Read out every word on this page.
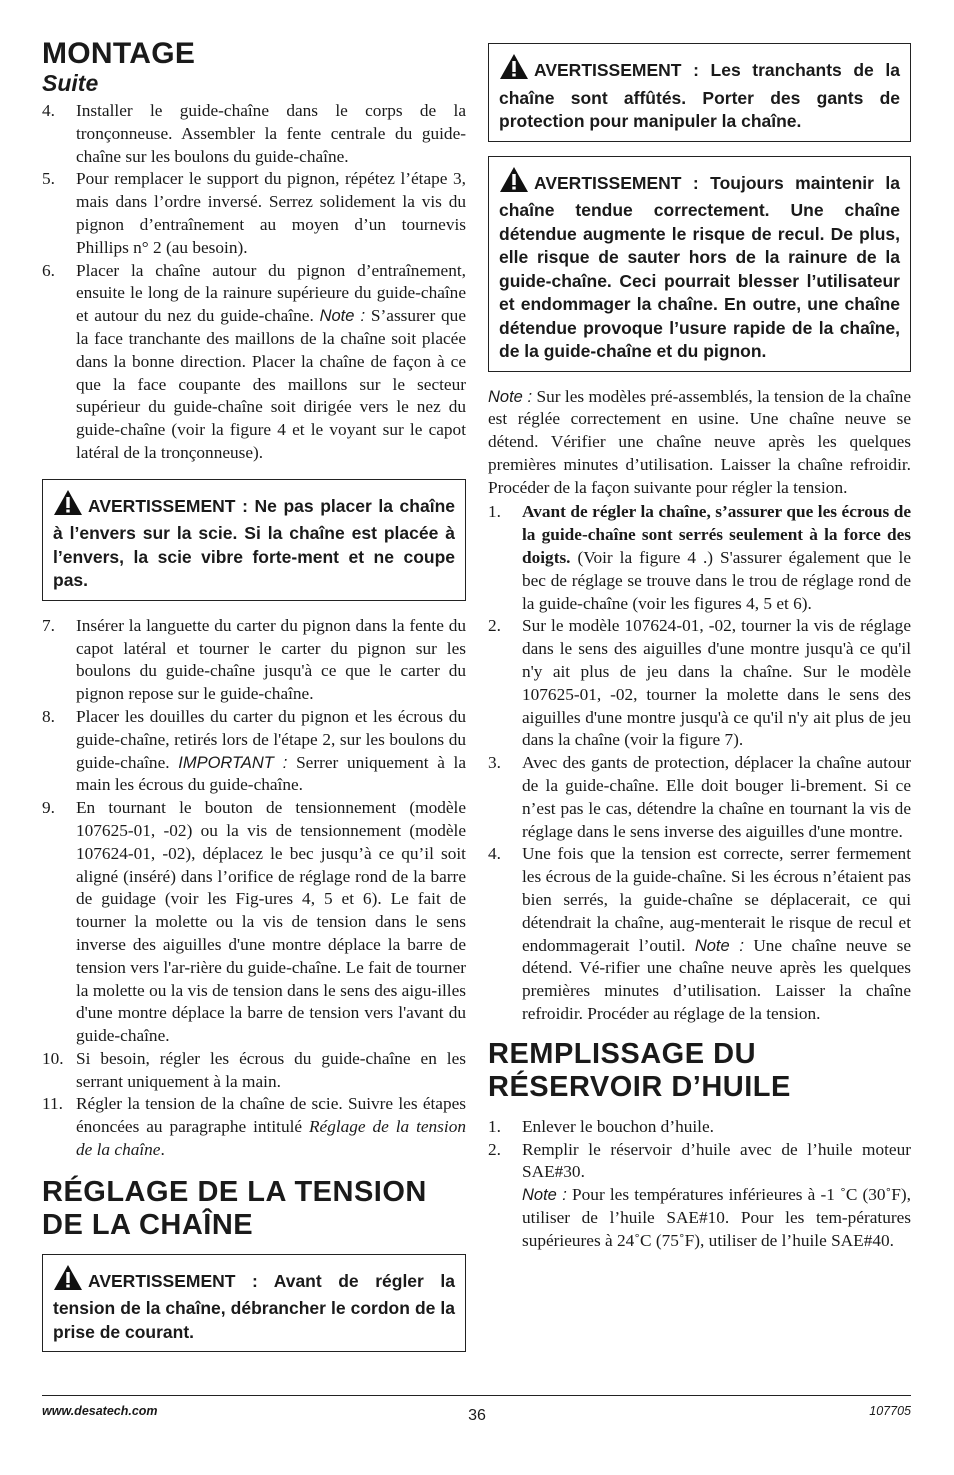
MONTAGE
Suite
4. Installer le guide-chaîne dans le corps de la tronçonneuse. Assembler la fente centrale du guide-chaîne sur les boulons du guide-chaîne.
5. Pour remplacer le support du pignon, répétez l’étape 3, mais dans l’ordre inversé. Serrez solidement la vis du pignon d’entraînement au moyen d’un tournevis Phillips n° 2 (au besoin).
6. Placer la chaîne autour du pignon d’entraînement, ensuite le long de la rainure supérieure du guide-chaîne et autour du nez du guide-chaîne. Note : S’assurer que la face tranchante des maillons de la chaîne soit placée dans la bonne direction. Placer la chaîne de façon à ce que la face coupante des maillons sur le secteur supérieur du guide-chaîne soit dirigée vers le nez du guide-chaîne (voir la figure 4 et le voyant sur le capot latéral de la tronçonneuse).
AVERTISSEMENT : Ne pas placer la chaîne à l’envers sur la scie. Si la chaîne est placée à l’envers, la scie vibre forte-ment et ne coupe pas.
7. Insérer la languette du carter du pignon dans la fente du capot latéral et tourner le carter du pignon sur les boulons du guide-chaîne jusqu'à ce que le carter du pignon repose sur le guide-chaîne.
8. Placer les douilles du carter du pignon et les écrous du guide-chaîne, retirés lors de l'étape 2, sur les boulons du guide-chaîne. IMPORTANT : Serrer uniquement à la main les écrous du guide-chaîne.
9. En tournant le bouton de tensionnement (modèle 107625-01, -02) ou la vis de tensionnement (modèle 107624-01, -02), déplacez le bec jusqu’à ce qu’il soit aligné (inséré) dans l’orifice de réglage rond de la barre de guidage (voir les Fig-ures 4, 5 et 6). Le fait de tourner la molette ou la vis de tension dans le sens inverse des aiguilles d'une montre déplace la barre de tension vers l'ar-rière du guide-chaîne. Le fait de tourner la molette ou la vis de tension dans le sens des aigu-illes d'une montre déplace la barre de tension vers l'avant du guide-chaîne.
10. Si besoin, régler les écrous du guide-chaîne en les serrant uniquement à la main.
11. Régler la tension de la chaîne de scie. Suivre les étapes énoncées au paragraphe intitulé Réglage de la tension de la chaîne.
RÉGLAGE DE LA TENSION
DE LA CHAÎNE
AVERTISSEMENT : Avant de régler la tension de la chaîne, débrancher le cordon de la prise de courant.
AVERTISSEMENT : Les tranchants de la chaîne sont affûtés. Porter des gants de protection pour manipuler la chaîne.
AVERTISSEMENT : Toujours maintenir la chaîne tendue correctement. Une chaîne détendue augmente le risque de recul. De plus, elle risque de sauter hors de la rainure de la guide-chaîne. Ceci pourrait blesser l’utilisateur et endommager la chaîne. En outre, une chaîne détendue provoque l’usure rapide de la chaîne, de la guide-chaîne et du pignon.

Note : Sur les modèles pré-assemblés, la tension de la chaîne est réglée correctement en usine. Une chaîne neuve se détend. Vérifier une chaîne neuve après les quelques premières minutes d’utilisation. Laisser la chaîne refroidir. Procéder de la façon suivante pour régler la tension.

1. Avant de régler la chaîne, s’assurer que les écrous de la guide-chaîne sont serrés seulement à la force des doigts. (Voir la figure 4 .) S'assurer également que le bec de réglage se trouve dans le trou de réglage rond de la guide-chaîne (voir les figures 4, 5 et 6).
2. Sur le modèle 107624-01, -02, tourner la vis de réglage dans le sens des aiguilles d'une montre jusqu'à ce qu'il n'y ait plus de jeu dans la chaîne. Sur le modèle 107625-01, -02, tourner la molette dans le sens des aiguilles d'une montre jusqu'à ce qu'il n'y ait plus de jeu dans la chaîne (voir la figure 7).
3. Avec des gants de protection, déplacer la chaîne autour de la guide-chaîne. Elle doit bouger li-brement. Si ce n’est pas le cas, détendre la chaîne en tournant la vis de réglage dans le sens inverse des aiguilles d'une montre.
4. Une fois que la tension est correcte, serrer fermement les écrous de la guide-chaîne. Si les écrous n’étaient pas bien serrés, la guide-chaîne se déplacerait, ce qui détendrait la chaîne, aug-menterait le risque de recul et endommagerait l’outil. Note : Une chaîne neuve se détend. Vé-rifier une chaîne neuve après les quelques premières minutes d’utilisation. Laisser la chaîne refroidir. Procéder au réglage de la tension.
REMPLISSAGE DU
RÉSERVOIR D’HUILE
1. Enlever le bouchon d’huile.
2. Remplir le réservoir d’huile avec de l’huile moteur SAE#30.
Note : Pour les températures inférieures à -1 ˚C (30˚F), utiliser de l’huile SAE#10. Pour les tem-pératures supérieures à 24˚C (75˚F), utiliser de l’huile SAE#40.
www.desatech.com	36	107705
